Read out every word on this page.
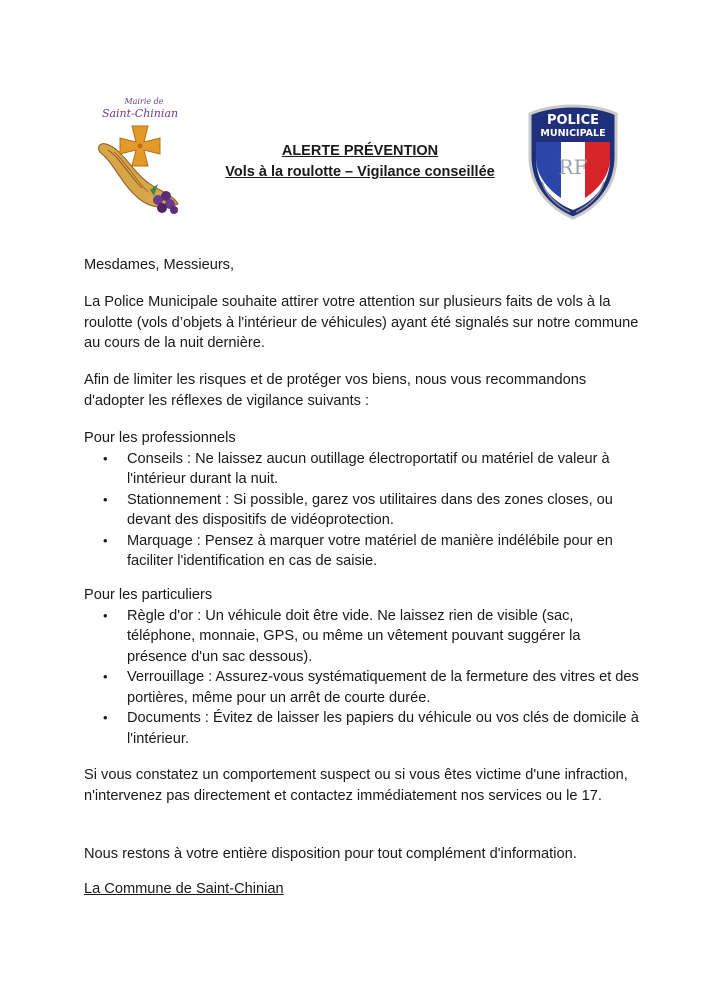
Mairie de
Saint-Chinian
ALERTE PRÉVENTION
Vols à la roulotte – Vigilance conseillée
POLICE
MUNICIPALE
RF

Mesdames, Messieurs,

La Police Municipale souhaite attirer votre attention sur plusieurs faits de vols à la roulotte (vols d’objets à l'intérieur de véhicules) ayant été signalés sur notre commune au cours de la nuit dernière.

Afin de limiter les risques et de protéger vos biens, nous vous recommandons d'adopter les réflexes de vigilance suivants :

Pour les professionnels

• Conseils : Ne laissez aucun outillage électroportatif ou matériel de valeur à l'intérieur durant la nuit.
• Stationnement : Si possible, garez vos utilitaires dans des zones closes, ou devant des dispositifs de vidéoprotection.
• Marquage : Pensez à marquer votre matériel de manière indélébile pour en faciliter l'identification en cas de saisie.

Pour les particuliers

• Règle d'or : Un véhicule doit être vide. Ne laissez rien de visible (sac, téléphone, monnaie, GPS, ou même un vêtement pouvant suggérer la présence d'un sac dessous).
• Verrouillage : Assurez-vous systématiquement de la fermeture des vitres et des portières, même pour un arrêt de courte durée.
• Documents : Évitez de laisser les papiers du véhicule ou vos clés de domicile à l'intérieur.

Si vous constatez un comportement suspect ou si vous êtes victime d'une infraction, n'intervenez pas directement et contactez immédiatement nos services ou le 17.

Nous restons à votre entière disposition pour tout complément d'information.

La Commune de Saint-Chinian
